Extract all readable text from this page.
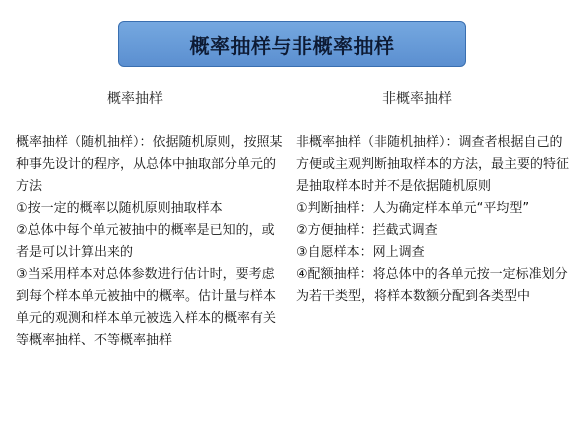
概率抽样与非概率抽样
概率抽样	非概率抽样

概率抽样（随机抽样）：依据随机原则，按照某种事先设计的程序，从总体中抽取部分单元的方法

①按一定的概率以随机原则抽取样本

②总体中每个单元被抽中的概率是已知的，或者是可以计算出来的

③当采用样本对总体参数进行估计时，要考虑到每个样本单元被抽中的概率。估计量与样本单元的观测和样本单元被选入样本的概率有关

等概率抽样、不等概率抽样

非概率抽样（非随机抽样）：调查者根据自己的方便或主观判断抽取样本的方法，最主要的特征是抽取样本时并不是依据随机原则

①判断抽样：人为确定样本单元“平均型”

②方便抽样：拦截式调查

③自愿样本：网上调查

④配额抽样：将总体中的各单元按一定标准划分为若干类型，将样本数额分配到各类型中
